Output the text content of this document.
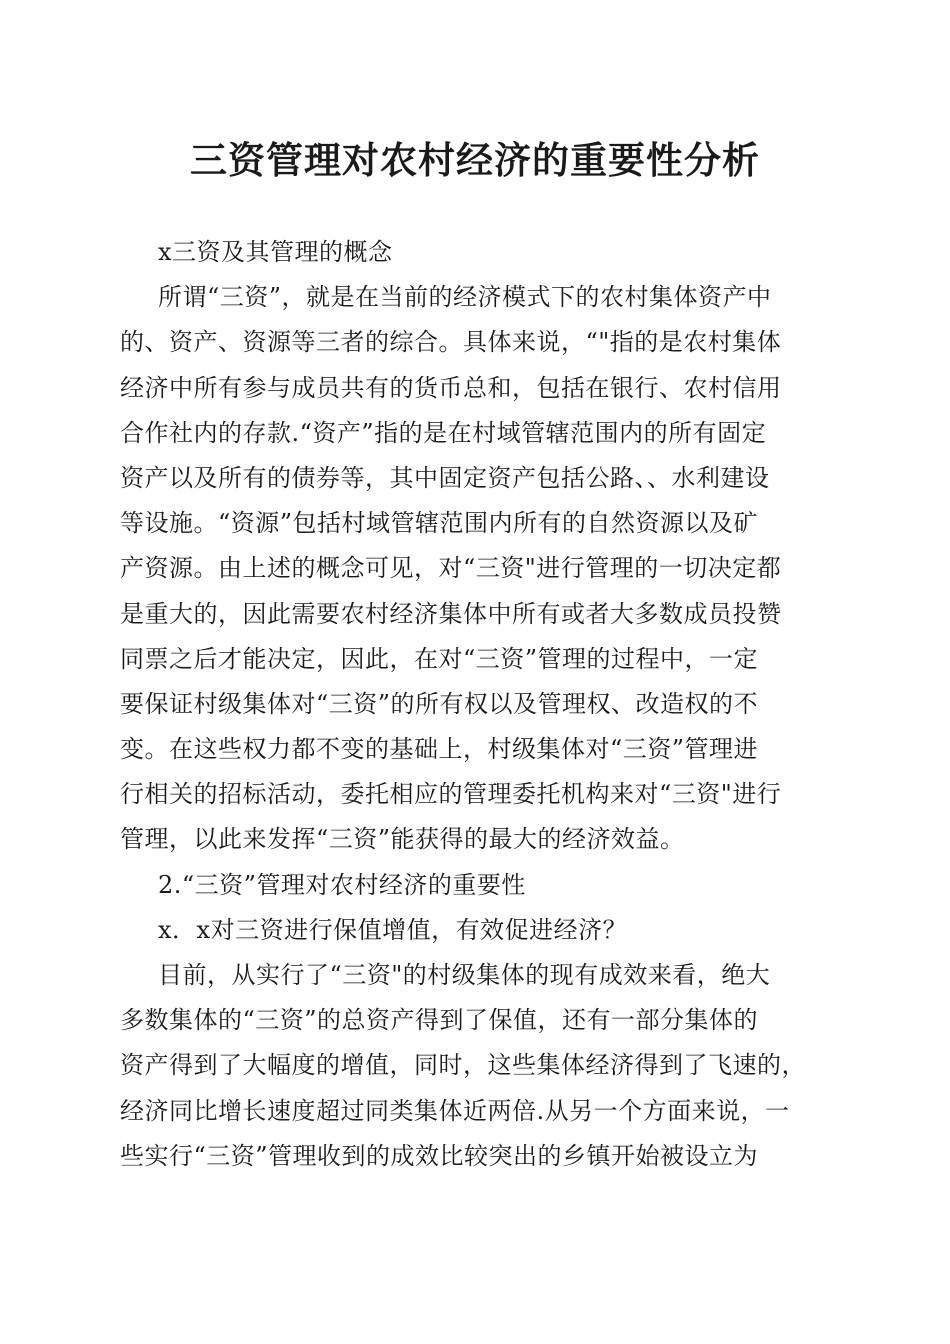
三资管理对农村经济的重要性分析
x三资及其管理的概念
所谓“三资”，就是在当前的经济模式下的农村集体资产中
的、资产、资源等三者的综合。具体来说，“"指的是农村集体
经济中所有参与成员共有的货币总和，包括在银行、农村信用
合作社内的存款.“资产”指的是在村域管辖范围内的所有固定
资产以及所有的债券等，其中固定资产包括公路、、水利建设
等设施。“资源”包括村域管辖范围内所有的自然资源以及矿
产资源。由上述的概念可见，对“三资"进行管理的一切决定都
是重大的，因此需要农村经济集体中所有或者大多数成员投赞
同票之后才能决定，因此，在对“三资”管理的过程中，一定
要保证村级集体对“三资”的所有权以及管理权、改造权的不
变。在这些权力都不变的基础上，村级集体对“三资”管理进
行相关的招标活动，委托相应的管理委托机构来对“三资"进行
管理，以此来发挥“三资”能获得的最大的经济效益。
2.“三资”管理对农村经济的重要性
x．x对三资进行保值增值，有效促进经济？
目前，从实行了“三资"的村级集体的现有成效来看，绝大
多数集体的“三资”的总资产得到了保值，还有一部分集体的
资产得到了大幅度的增值，同时，这些集体经济得到了飞速的，
经济同比增长速度超过同类集体近两倍.从另一个方面来说，一
些实行“三资”管理收到的成效比较突出的乡镇开始被设立为
